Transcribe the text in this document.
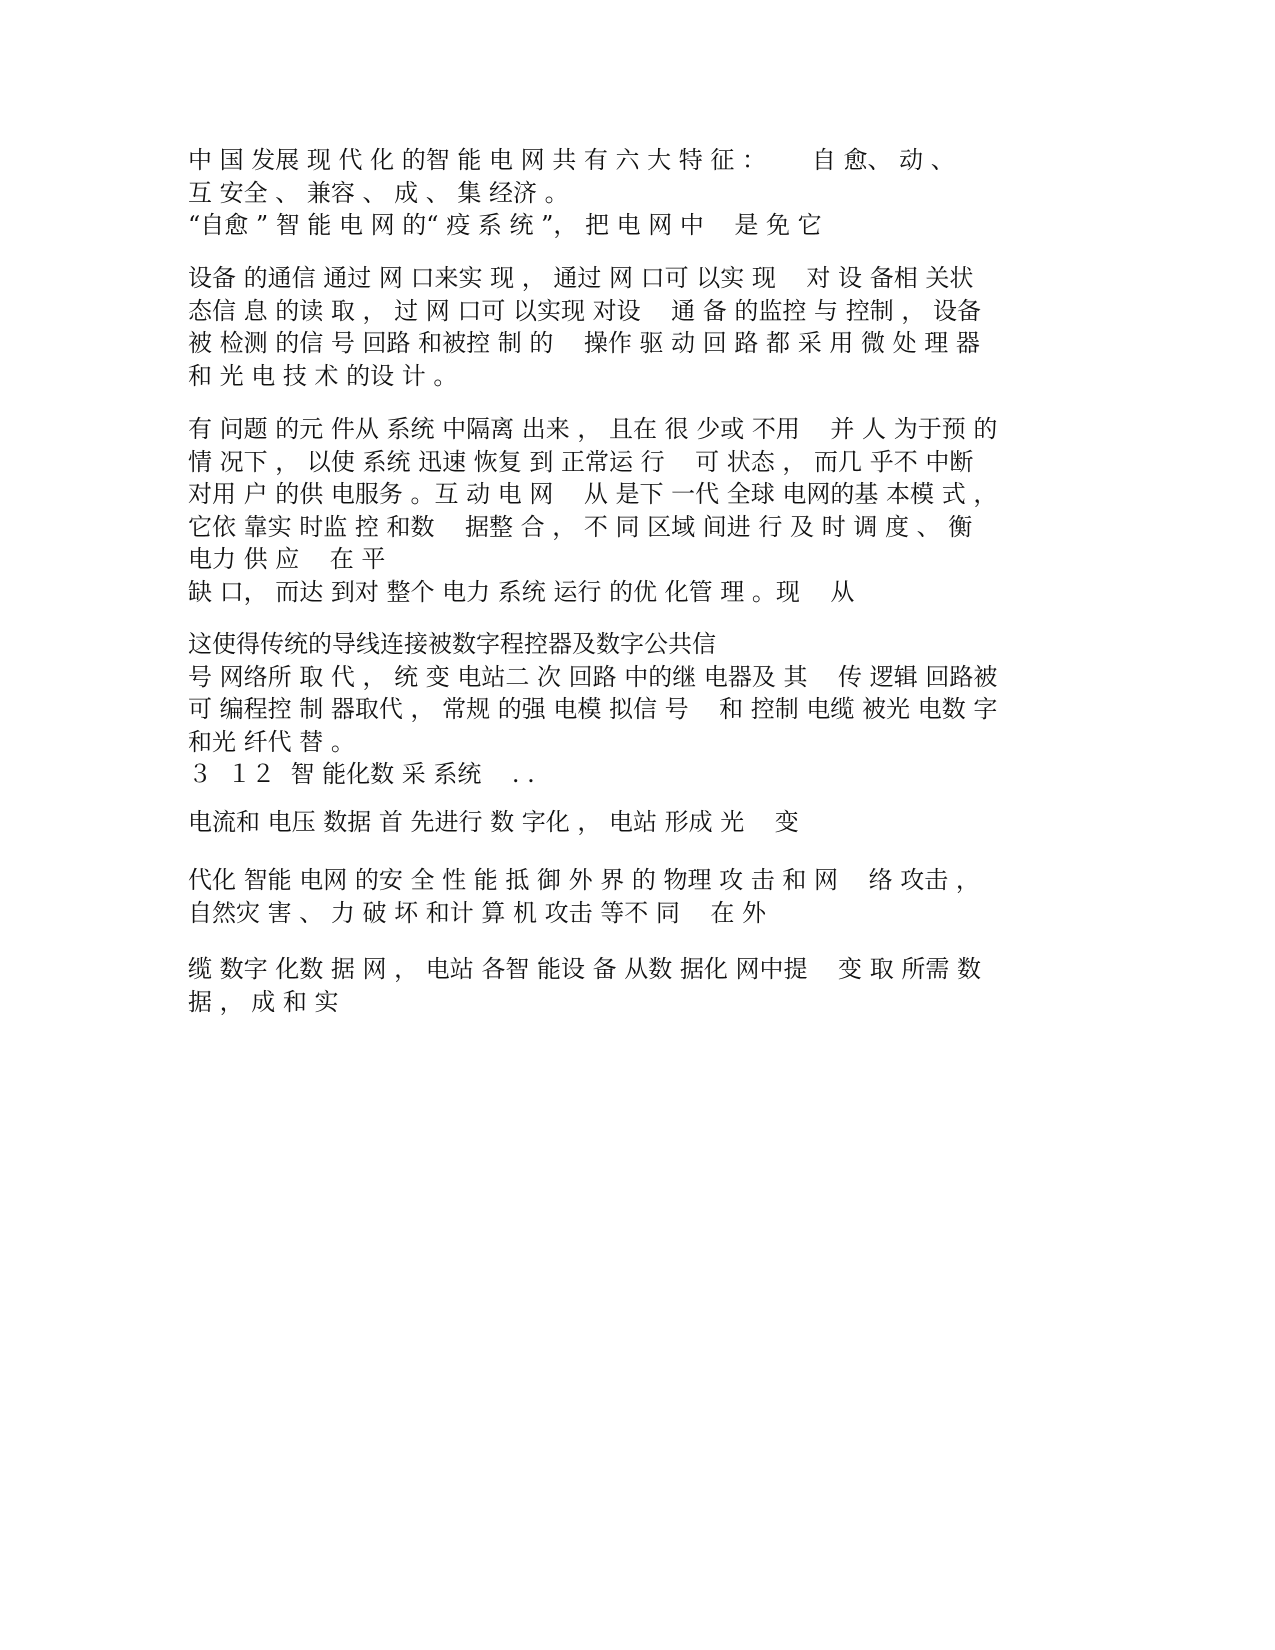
中 国 发展 现 代 化 的智 能 电 网 共 有 六 大 特 征 ：      自 愈、 动 、
互 安全 、 兼容 、 成 、 集 经济 。
“自愈 ” 智 能 电 网 的“ 疫 系 统 ”， 把 电 网 中    是 免 它
设备 的通信 通过 网 口来实 现 ， 通过 网 口可 以实 现    对 设 备相 关状
态信 息 的读 取 ， 过 网 口可 以实现 对设    通 备 的监控 与 控制 ， 设备
被 检测 的信 号 回路 和被控 制 的    操作 驱 动 回 路 都 采 用 微 处 理 器
和 光 电 技 术 的设 计 。
有 问题 的元 件从 系统 中隔离 出来 ， 且在 很 少或 不用    并 人 为于预 的
情 况下 ， 以使 系统 迅速 恢复 到 正常运 行    可 状态 ， 而几 乎不 中断
对用 户 的供 电服务 。互 动 电 网    从 是下 一代 全球 电网的基 本模 式 ，
它依 靠实 时监 控 和数    据整 合 ， 不 同 区域 间进 行 及 时 调 度 、 衡
电力 供 应    在 平
缺 口， 而达 到对 整个 电力 系统 运行 的优 化管 理 。现    从
这使得传统的导线连接被数字程控器及数字公共信
号 网络所 取 代 ， 统 变 电站二 次 回路 中的继 电器及 其    传 逻辑 回路被
可 编程控 制 器取代 ， 常规 的强 电模 拟信 号    和 控制 电缆 被光 电数 字
和光 纤代 替 。
３  １２  智 能化数 采 系统    . .
电流和 电压 数据 首 先进行 数 字化 ， 电站 形成 光    变
代化 智能 电网 的安 全 性 能 抵 御 外 界 的 物理 攻 击 和 网    络 攻击 ，
自然灾 害 、 力 破 坏 和计 算 机 攻击 等不 同    在 外
缆 数字 化数 据 网 ， 电站 各智 能设 备 从数 据化 网中提    变 取 所需 数
据 ， 成 和 实
